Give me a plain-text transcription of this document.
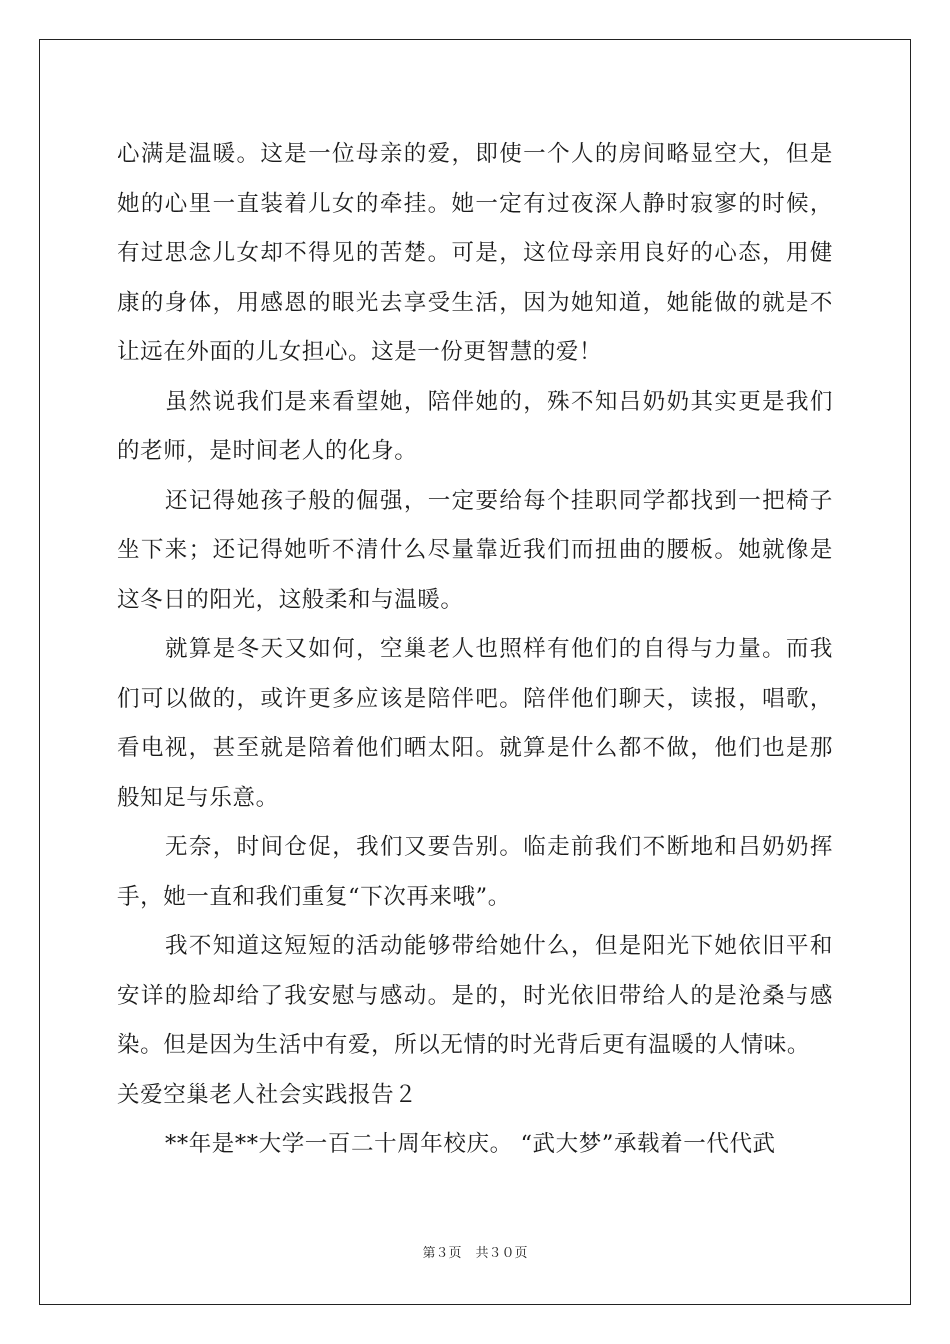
心满是温暖。这是一位母亲的爱，即使一个人的房间略显空大，但是她的心里一直装着儿女的牵挂。她一定有过夜深人静时寂寥的时候，有过思念儿女却不得见的苦楚。可是，这位母亲用良好的心态，用健康的身体，用感恩的眼光去享受生活，因为她知道，她能做的就是不让远在外面的儿女担心。这是一份更智慧的爱！

虽然说我们是来看望她，陪伴她的，殊不知吕奶奶其实更是我们的老师，是时间老人的化身。

还记得她孩子般的倔强，一定要给每个挂职同学都找到一把椅子坐下来；还记得她听不清什么尽量靠近我们而扭曲的腰板。她就像是这冬日的阳光，这般柔和与温暖。

就算是冬天又如何，空巢老人也照样有他们的自得与力量。而我们可以做的，或许更多应该是陪伴吧。陪伴他们聊天，读报，唱歌，看电视，甚至就是陪着他们晒太阳。就算是什么都不做，他们也是那般知足与乐意。

无奈，时间仓促，我们又要告别。临走前我们不断地和吕奶奶挥手，她一直和我们重复“下次再来哦”。

我不知道这短短的活动能够带给她什么，但是阳光下她依旧平和安详的脸却给了我安慰与感动。是的，时光依旧带给人的是沧桑与感染。但是因为生活中有爱，所以无情的时光背后更有温暖的人情味。

关爱空巢老人社会实践报告２

**年是**大学一百二十周年校庆。 “武大梦”承载着一代代武

第３页 共３０页
